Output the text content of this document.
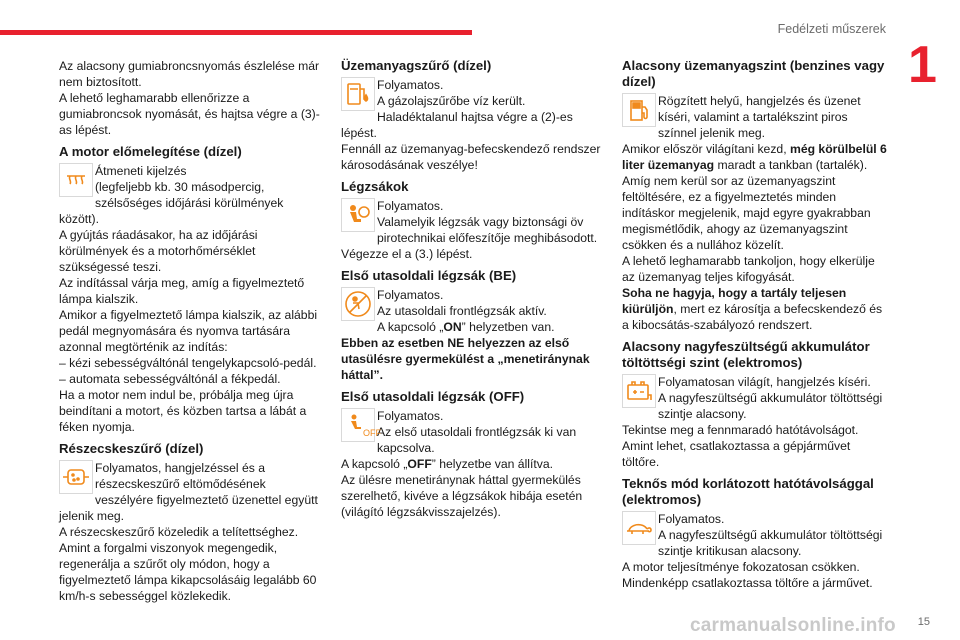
Fedélzeti műszerek
1
15
carmanualsonline.info

Az alacsony gumiabroncsnyomás észlelése már nem biztosított.

A lehető leghamarabb ellenőrizze a gumiabroncsok nyomását, és hajtsa végre a (3)-as lépést.

A motor előmelegítése (dízel)

Átmeneti kijelzés

(legfeljebb kb. 30 másodpercig,

szélsőséges időjárási körülmények között).

A gyújtás ráadásakor, ha az időjárási körülmények és a motorhőmérséklet szükségessé teszi.

Az indítással várja meg, amíg a figyelmeztető lámpa kialszik.

Amikor a figyelmeztető lámpa kialszik, az alábbi pedál megnyomására és nyomva tartására azonnal megtörténik az indítás:

– kézi sebességváltónál tengelykapcsoló-pedál.

– automata sebességváltónál a fékpedál.

Ha a motor nem indul be, próbálja meg újra beindítani a motort, és közben tartsa a lábát a féken nyomja.

Részecskeszűrő (dízel)

Folyamatos, hangjelzéssel és a

részecskeszűrő eltömődésének

veszélyére figyelmeztető üzenettel együtt jelenik meg.

A részecskeszűrő közeledik a telítettséghez.

Amint a forgalmi viszonyok megengedik, regenerálja a szűrőt oly módon, hogy a figyelmeztető lámpa kikapcsolásáig legalább 60 km/h-s sebességgel közlekedik.

Üzemanyagszűrő (dízel)

Folyamatos.

A gázolajszűrőbe víz került.

Haladéktalanul hajtsa végre a (2)-es lépést.

Fennáll az üzemanyag-befecskendező rendszer károsodásának veszélye!

Légzsákok

Folyamatos.

Valamelyik légzsák vagy biztonsági öv

pirotechnikai előfeszítője meghibásodott.

Végezze el a (3.) lépést.

Első utasoldali légzsák (BE)

Folyamatos.

Az utasoldali frontlégzsák aktív.

A kapcsoló „ON” helyzetben van.

Ebben az esetben NE helyezzen az első utasülésre gyermekülést a „menetiránynak háttal”.

Első utasoldali légzsák (OFF)
OFF

Folyamatos.

Az első utasoldali frontlégzsák ki van

kapcsolva.

A kapcsoló „OFF” helyzetbe van állítva.

Az ülésre menetiránynak háttal gyermekülés szerelhető, kivéve a légzsákok hibája esetén (világító légzsákvisszajelzés).

Alacsony üzemanyagszint (benzines vagy dízel)

Rögzített helyű, hangjelzés és üzenet

kíséri, valamint a tartalékszint piros

színnel jelenik meg.

Amikor először világítani kezd, még körülbelül 6 liter üzemanyag maradt a tankban (tartalék).

Amíg nem kerül sor az üzemanyagszint feltöltésére, ez a figyelmeztetés minden indításkor megjelenik, majd egyre gyakrabban megismétlődik, ahogy az üzemanyagszint csökken és a nullához közelít.

A lehető leghamarabb tankoljon, hogy elkerülje az üzemanyag teljes kifogyását.

Soha ne hagyja, hogy a tartály teljesen kiürüljön, mert ez károsítja a befecskendező és a kibocsátás-szabályozó rendszert.

Alacsony nagyfeszültségű akkumulátor töltöttségi szint (elektromos)

Folyamatosan világít, hangjelzés kíséri.

A nagyfeszültségű akkumulátor töltöttségi

szintje alacsony.

Tekintse meg a fennmaradó hatótávolságot.

Amint lehet, csatlakoztassa a gépjárművet töltőre.

Teknős mód korlátozott hatótávolsággal (elektromos)

Folyamatos.

A nagyfeszültségű akkumulátor töltöttségi

szintje kritikusan alacsony.

A motor teljesítménye fokozatosan csökken.

Mindenképp csatlakoztassa töltőre a járművet.
